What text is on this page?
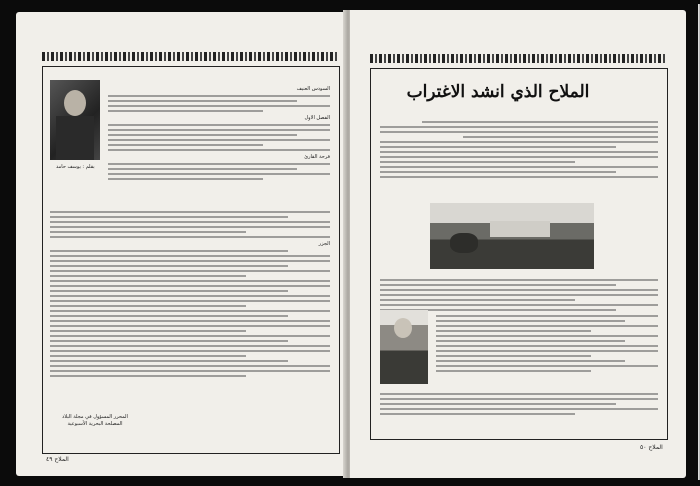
بقلم : يوسف حامد
السودس العنيف
الفصل الاول
فرحة القارئ
الجزر
المحرر المسؤول في مجلة البلاد
المصلحة البحرية الأسبوعية
الملاح ٤٩
الملاح الذي انشد الاغتراب
الملاح ٥٠
